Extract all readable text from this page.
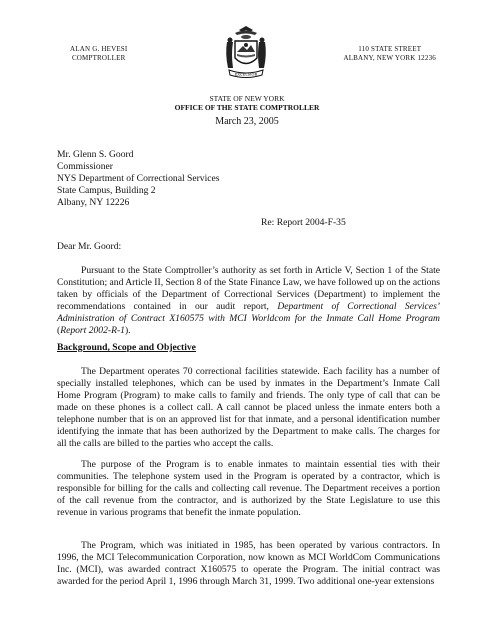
ALAN G. HEVESI
COMPTROLLER
EXCELSIOR
110 STATE STREET
ALBANY, NEW YORK 12236
STATE OF NEW YORK
OFFICE OF THE STATE COMPTROLLER
March 23, 2005
Mr. Glenn S. Goord
Commissioner
NYS Department of Correctional Services
State Campus, Building 2
Albany, NY 12226
Re: Report 2004-F-35
Dear Mr. Goord:

Pursuant to the State Comptroller’s authority as set forth in Article V, Section 1 of the State Constitution; and Article II, Section 8 of the State Finance Law, we have followed up on the actions taken by officials of the Department of Correctional Services (Department) to implement the recommendations contained in our audit report, Department of Correctional Services’ Administration of Contract X160575 with MCI Worldcom for the Inmate Call Home Program (Report 2002-R-1).

Background, Scope and Objective

The Department operates 70 correctional facilities statewide. Each facility has a number of specially installed telephones, which can be used by inmates in the Department’s Inmate Call Home Program (Program) to make calls to family and friends. The only type of call that can be made on these phones is a collect call. A call cannot be placed unless the inmate enters both a telephone number that is on an approved list for that inmate, and a personal identification number identifying the inmate that has been authorized by the Department to make calls. The charges for all the calls are billed to the parties who accept the calls.

The purpose of the Program is to enable inmates to maintain essential ties with their communities. The telephone system used in the Program is operated by a contractor, which is responsible for billing for the calls and collecting call revenue. The Department receives a portion of the call revenue from the contractor, and is authorized by the State Legislature to use this revenue in various programs that benefit the inmate population.

The Program, which was initiated in 1985, has been operated by various contractors. In 1996, the MCI Telecommunication Corporation, now known as MCI WorldCom Communications Inc. (MCI), was awarded contract X160575 to operate the Program. The initial contract was awarded for the period April 1, 1996 through March 31, 1999. Two additional one-year extensions
